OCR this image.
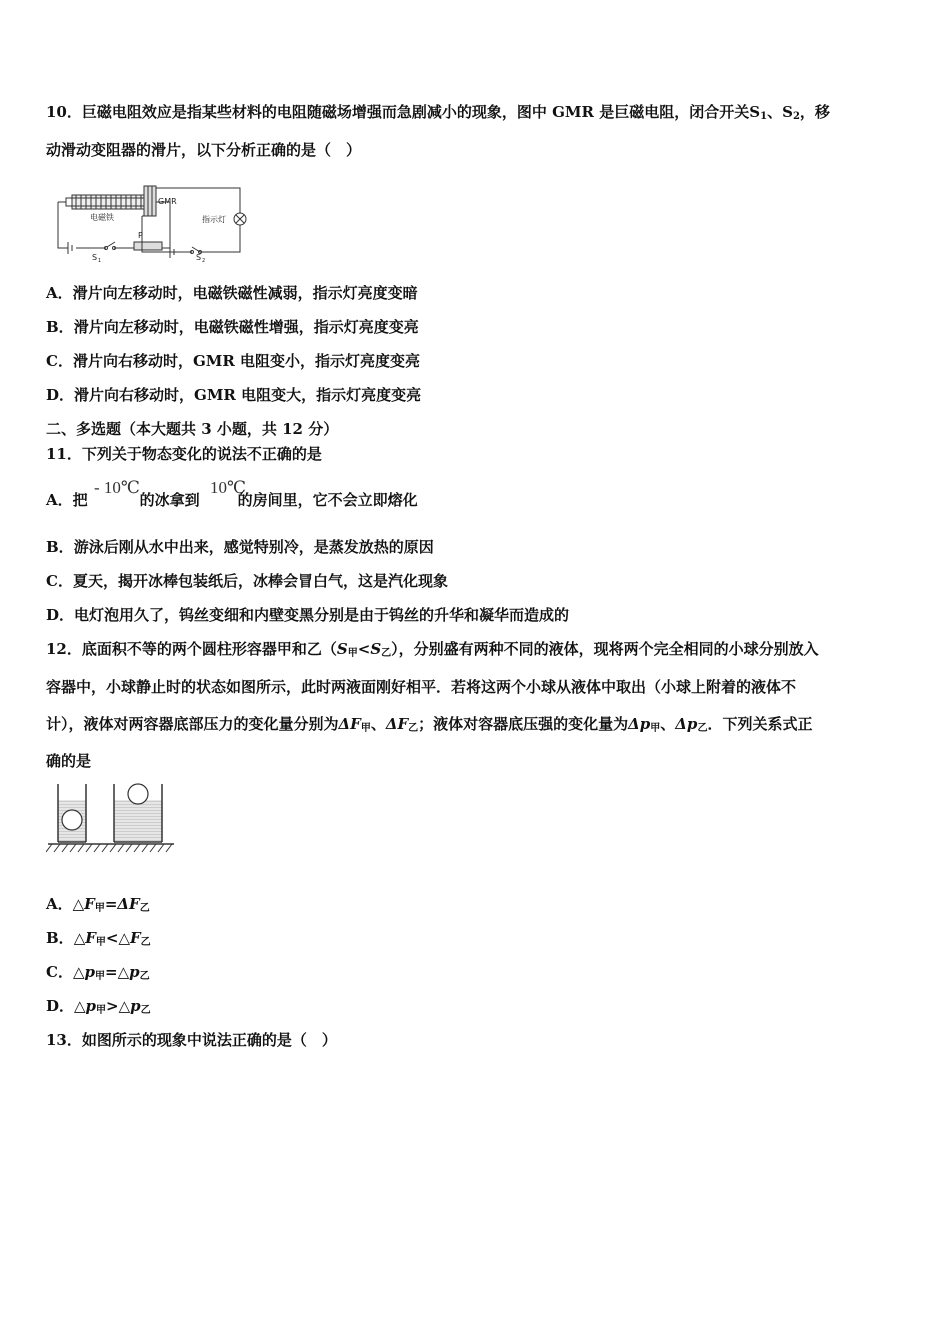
10．巨磁电阻效应是指某些材料的电阻随磁场增强而急剧减小的现象，图中 GMR 是巨磁电阻，闭合开关$S_1$、$S_2$，移
动滑动变阻器的滑片，以下分析正确的是（　）
电磁铁
GMR
指示灯
P
S 1	S 2
A．滑片向左移动时，电磁铁磁性减弱，指示灯亮度变暗
B．滑片向左移动时，电磁铁磁性增强，指示灯亮度变亮
C．滑片向右移动时，GMR 电阻变小，指示灯亮度变亮
D．滑片向右移动时，GMR 电阻变大，指示灯亮度变亮
二、多选题（本大题共 3 小题，共 12 分）
11．下列关于物态变化的说法不正确的是
A．把	的冰拿到	的房间里，它不会立即熔化
- 10℃	10℃
B．游泳后刚从水中出来，感觉特别冷，是蒸发放热的原因
C．夏天，揭开冰棒包装纸后，冰棒会冒白气，这是汽化现象
D．电灯泡用久了，钨丝变细和内壁变黑分别是由于钨丝的升华和凝华而造成的
12．底面积不等的两个圆柱形容器甲和乙$(S_甲<S_乙)$，分别盛有两种不同的液体，现将两个完全相同的小球分别放入
容器中，小球静止时的状态如图所示，此时两液面刚好相平．若将这两个小球从液体中取出（小球上附着的液体不
计），液体对两容器底部压力的变化量分别为$\Delta F_甲$、$\Delta F_乙$；液体对容器底压强的变化量为$\Delta p_甲$、$\Delta p_乙$．下列关系式正
确的是
A．$\triangle F_甲=\Delta F_乙$
B．$\triangle F_甲<\triangle F_乙$
C．$\triangle p_甲=\triangle p_乙$
D．$\triangle p_甲>\triangle p_乙$
13．如图所示的现象中说法正确的是（　）
